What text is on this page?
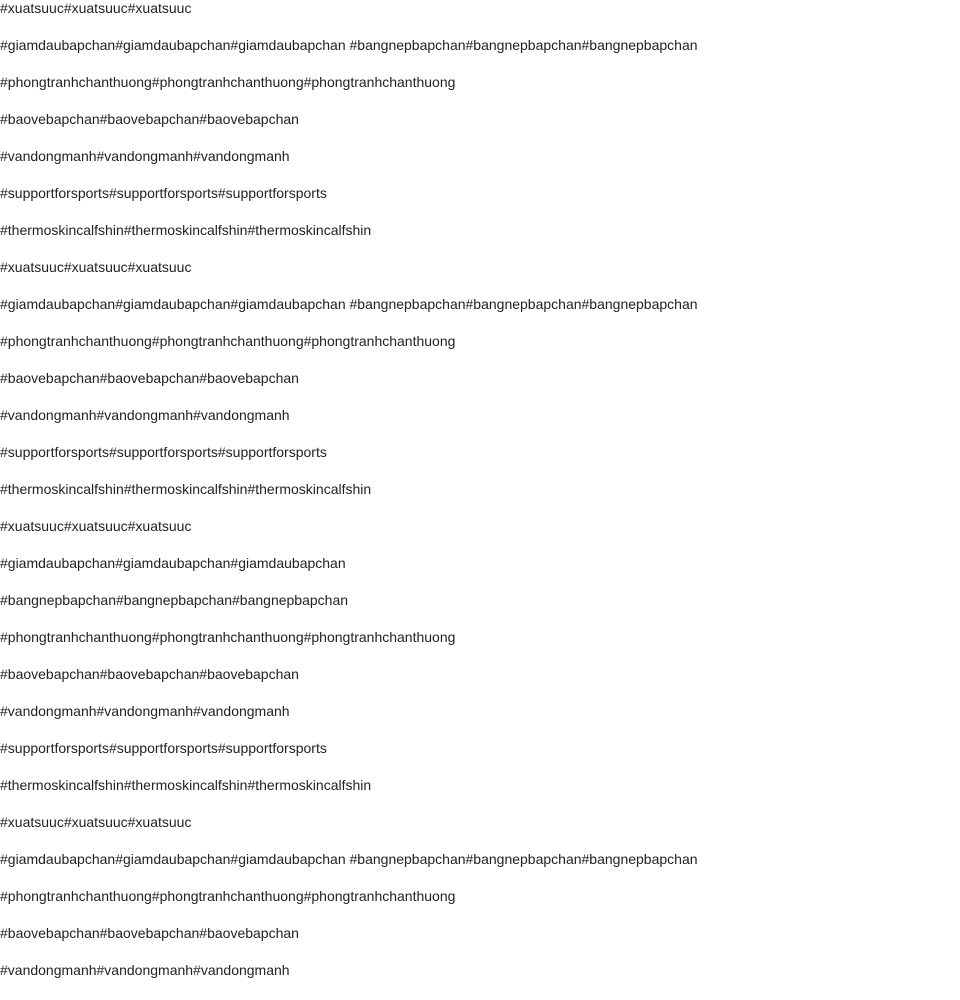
#xuatsuuc#xuatsuuc#xuatsuuc

#giamdaubapchan#giamdaubapchan#giamdaubapchan #bangnepbapchan#bangnepbapchan#bangnepbapchan

#phongtranhchanthuong#phongtranhchanthuong#phongtranhchanthuong

#baovebapchan#baovebapchan#baovebapchan

#vandongmanh#vandongmanh#vandongmanh

#supportforsports#supportforsports#supportforsports

#thermoskincalfshin#thermoskincalfshin#thermoskincalfshin

#xuatsuuc#xuatsuuc#xuatsuuc

#giamdaubapchan#giamdaubapchan#giamdaubapchan #bangnepbapchan#bangnepbapchan#bangnepbapchan

#phongtranhchanthuong#phongtranhchanthuong#phongtranhchanthuong

#baovebapchan#baovebapchan#baovebapchan

#vandongmanh#vandongmanh#vandongmanh

#supportforsports#supportforsports#supportforsports

#thermoskincalfshin#thermoskincalfshin#thermoskincalfshin

#xuatsuuc#xuatsuuc#xuatsuuc

#giamdaubapchan#giamdaubapchan#giamdaubapchan

#bangnepbapchan#bangnepbapchan#bangnepbapchan

#phongtranhchanthuong#phongtranhchanthuong#phongtranhchanthuong

#baovebapchan#baovebapchan#baovebapchan

#vandongmanh#vandongmanh#vandongmanh

#supportforsports#supportforsports#supportforsports

#thermoskincalfshin#thermoskincalfshin#thermoskincalfshin

#xuatsuuc#xuatsuuc#xuatsuuc

#giamdaubapchan#giamdaubapchan#giamdaubapchan #bangnepbapchan#bangnepbapchan#bangnepbapchan

#phongtranhchanthuong#phongtranhchanthuong#phongtranhchanthuong

#baovebapchan#baovebapchan#baovebapchan

#vandongmanh#vandongmanh#vandongmanh
